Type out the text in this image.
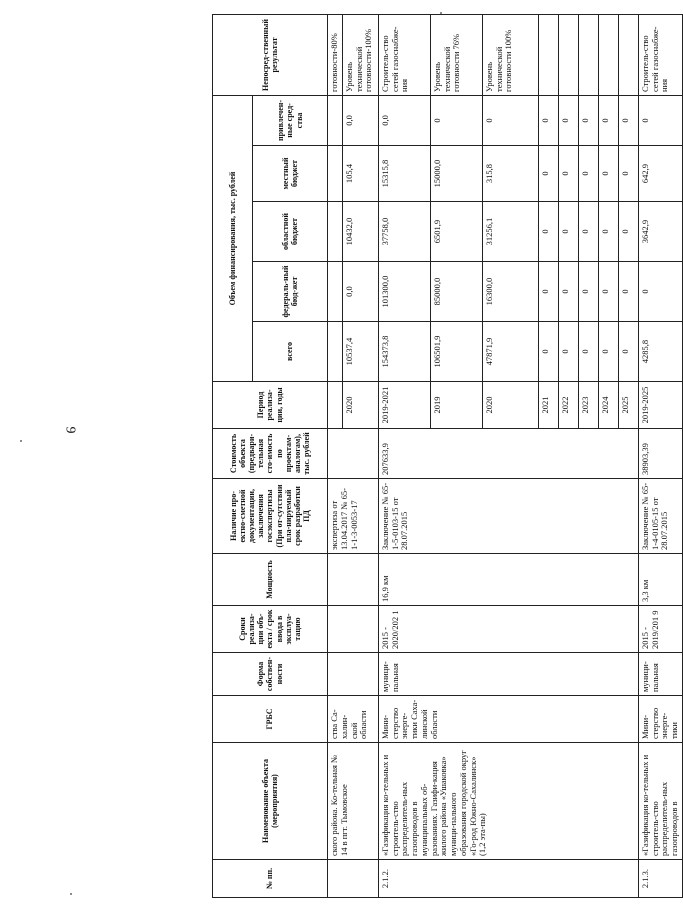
9
№ пп.	Наименование объекта (мероприятия)	ГРБС	Форма собствен-ности	Сроки реализа-ции объ-екта / срок ввода в эксплуа-тацию	Мощность	Наличие про-ектно-сметной документации, заключения госэкспертизы (При от-сутствии пла-нируемый срок разработки ПД	Стоимость объекта (предвари-тельная сто-имость по проектам-аналогам), тыс. рублей	Период реализа-ции, годы	Объем финансирования, тыс. рублей					Непосред-ственный результат
									всего	федераль-ный бюд-жет	областной бюджет	местный бюджет	привлечен-ные сред-ства	
	ского района. Ко-тельная № 14 в пгт. Тымовское	ства Са-халин-ской области				экспертиза от 13.04.2017 № 65-1-1-3-0053-17								готовности-80%
								2020	10537,4	0,0	10432,0	105,4	0,0	Уровень технической готовности-100%
2.1.2.	«Газификация ко-тельных и строитель-ство распределитель-ных газопроводов в муниципальных об-разованиях. Газифи-кация жилого района «Ушаковка» муници-пального образования городской округ «Го-род Южно-Сахалинск» (1,2 эта-пы)	Мини-стерство энерге-тики Саха-линской области	муници-пальная	2015 - 2020/202 1	16,9 км	Заключение № 65-1-5-0103-15 от 28.07.2015	207633,9	2019-2021	154373,8	101300,0	37758,0	15315,8	0,0	Строитель-ство сетей газоснабже-ния
								2019	106501,9	85000,0	6501,9	15000,0	0	Уровень технической готовности 76%
								2020	47871,9	16300,0	31256,1	315,8	0	Уровень технической готовности 100%
								2021	0	0	0	0	0	
								2022	0	0	0	0	0	
								2023	0	0	0	0	0	
								2024	0	0	0	0	0	
								2025	0	0	0	0	0	
2.1.3.	«Газификация ко-тельных и строитель-ство распределитель-ных газопроводов в	Мини-стерство энерге-тики	муници-пальная	2015 - 2019/201 9	3,3 км	Заключение № 65-1-4-0105-15 от 28.07.2015	38903,39	2019-2025	4285,8	0	3642,9	642,9	0	Строитель-ство сетей газоснабже-ния
